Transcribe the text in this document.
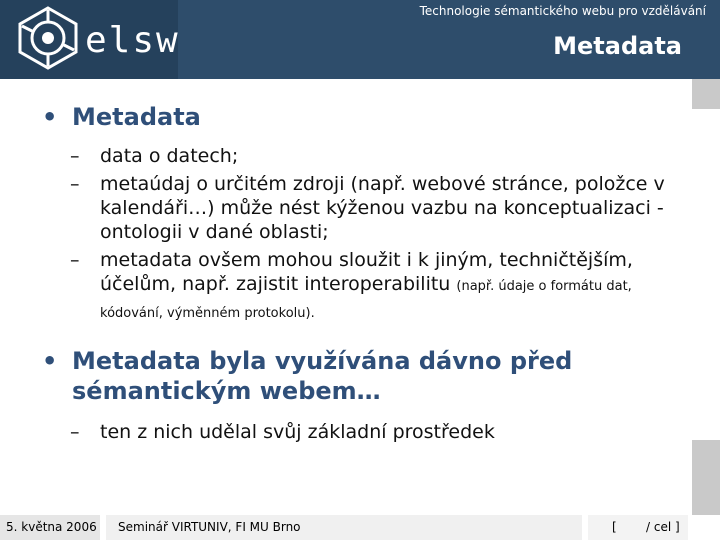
elsw
Technologie sémantického webu pro vzdělávání
Metadata
• Metadata
– data o datech;
– metaúdaj o určitém zdroji (např. webové stránce, položce v kalendáři…) může nést kýženou vazbu na konceptualizaci - ontologii v dané oblasti;
– metadata ovšem mohou sloužit i k jiným, techničtějším, účelům, např. zajistit interoperabilitu (např. údaje o formátu dat, kódování, výměnném protokolu).
• Metadata byla využívána dávno před sémantickým webem…
– ten z nich udělal svůj základní prostředek
5. května 2006	Seminář VIRTUNIV, FI MU Brno	[ / cel ]
